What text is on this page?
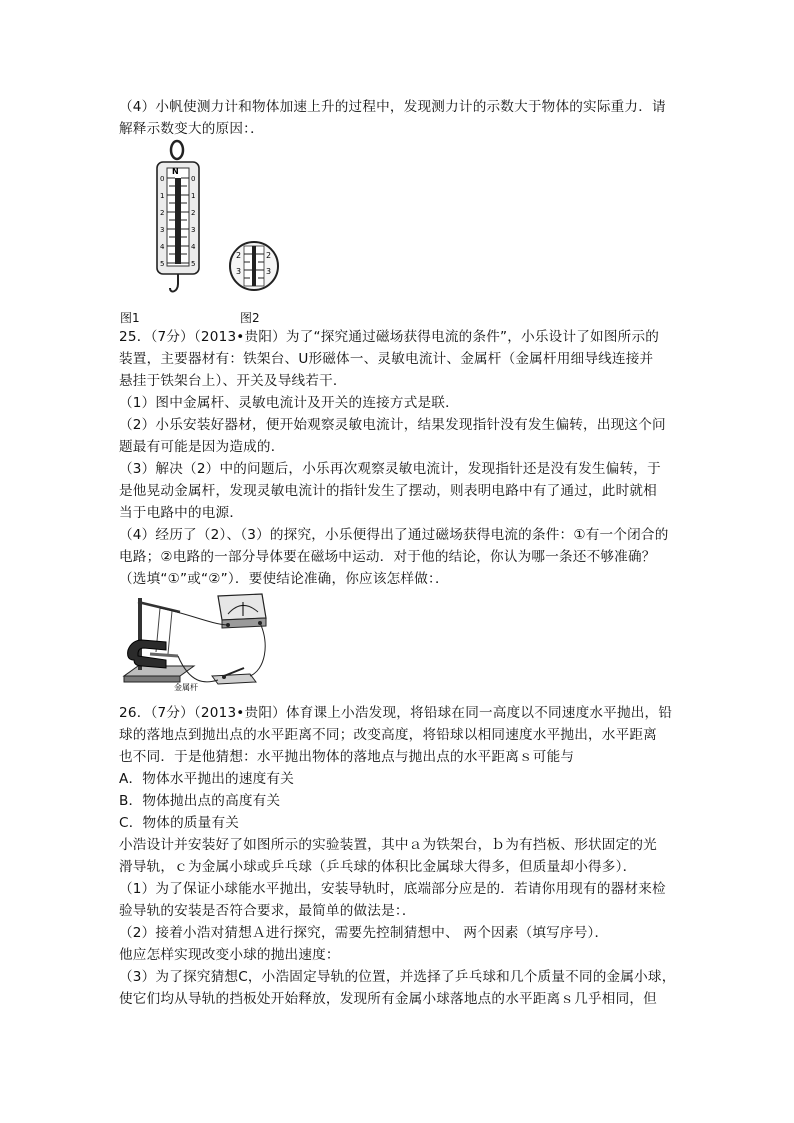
（4）小帆使测力计和物体加速上升的过程中，发现测力计的示数大于物体的实际重力．请
解释示数变大的原因：．
N
0
1
2
3
4
5
0
1
2
3
4
5
2
3
2
3
图1	图2
25．（7分）（2013•贵阳）为了“探究通过磁场获得电流的条件”，小乐设计了如图所示的
装置，主要器材有：铁架台、U形磁体一、灵敏电流计、金属杆（金属杆用细导线连接并
悬挂于铁架台上）、开关及导线若干．
（1）图中金属杆、灵敏电流计及开关的连接方式是联．
（2）小乐安装好器材，便开始观察灵敏电流计，结果发现指针没有发生偏转，出现这个问
题最有可能是因为造成的．
（3）解决（2）中的问题后，小乐再次观察灵敏电流计，发现指针还是没有发生偏转，于
是他晃动金属杆，发现灵敏电流计的指针发生了摆动，则表明电路中有了通过，此时就相
当于电路中的电源．
（4）经历了（2）、（3）的探究，小乐便得出了通过磁场获得电流的条件：①有一个闭合的
电路；②电路的一部分导体要在磁场中运动．对于他的结论，你认为哪一条还不够准确？
（选填“①”或“②”）．要使结论准确，你应该怎样做：．
金属杆
26．（7分）（2013•贵阳）体育课上小浩发现，将铅球在同一高度以不同速度水平抛出，铅
球的落地点到抛出点的水平距离不同；改变高度，将铅球以相同速度水平抛出，水平距离
也不同．于是他猜想：水平抛出物体的落地点与抛出点的水平距离ｓ可能与
A．物体水平抛出的速度有关
B．物体抛出点的高度有关
C．物体的质量有关
小浩设计并安装好了如图所示的实验装置，其中ａ为铁架台，ｂ为有挡板、形状固定的光
滑导轨，ｃ为金属小球或乒乓球（乒乓球的体积比金属球大得多，但质量却小得多）．
（1）为了保证小球能水平抛出，安装导轨时，底端部分应是的．若请你用现有的器材来检
验导轨的安装是否符合要求，最简单的做法是：．
（2）接着小浩对猜想Ａ进行探究，需要先控制猜想中、 两个因素（填写序号）．
他应怎样实现改变小球的抛出速度：
（3）为了探究猜想C，小浩固定导轨的位置，并选择了乒乓球和几个质量不同的金属小球，
使它们均从导轨的挡板处开始释放，发现所有金属小球落地点的水平距离ｓ几乎相同，但
